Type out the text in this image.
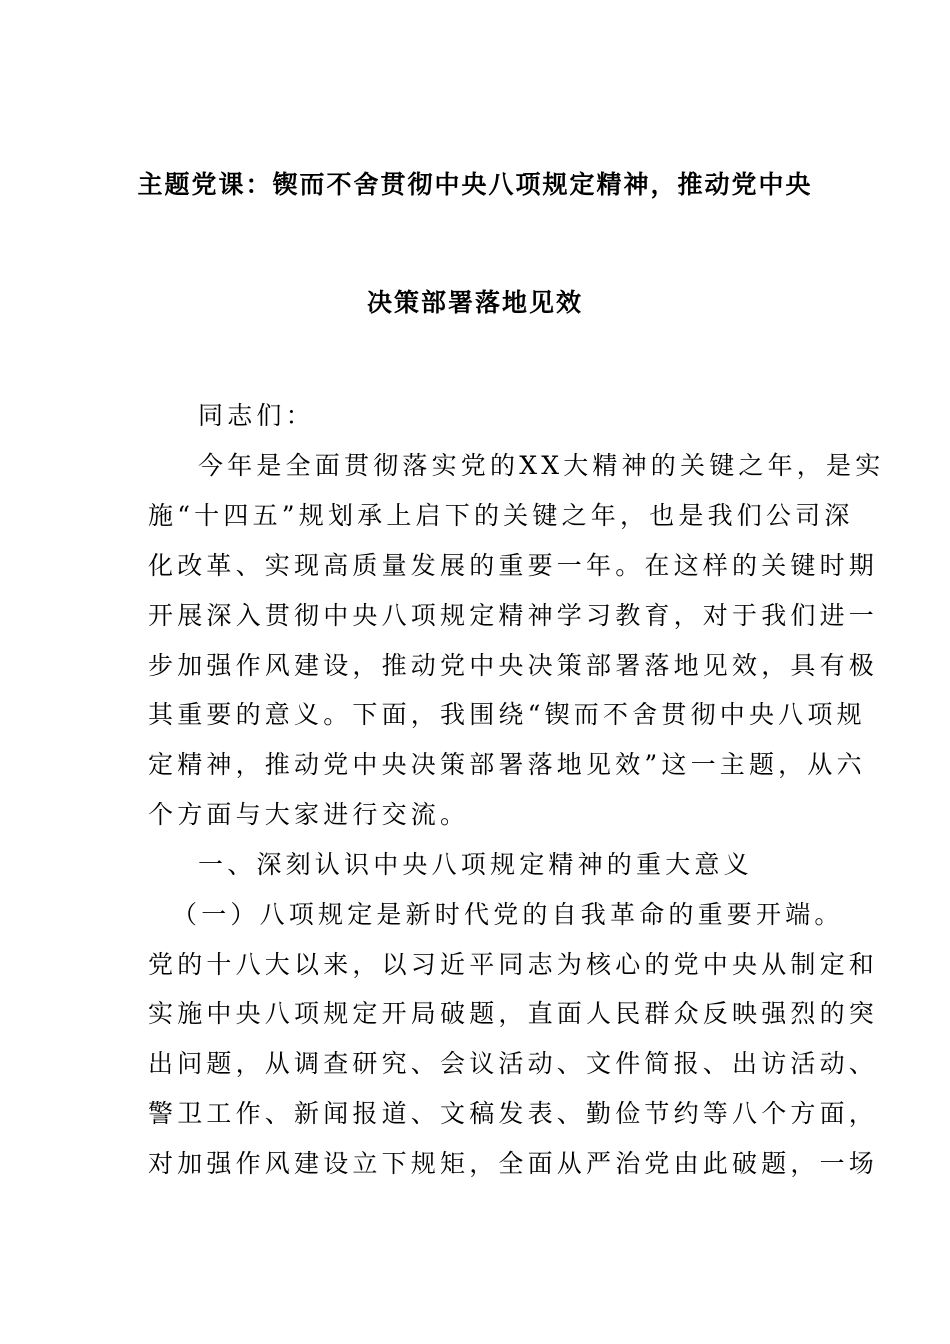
主题党课：锲而不舍贯彻中央八项规定精神，推动党中央
决策部署落地见效
同志们：
今年是全面贯彻落实党的XX大精神的关键之年，是实
施“十四五”规划承上启下的关键之年，也是我们公司深
化改革、实现高质量发展的重要一年。在这样的关键时期
开展深入贯彻中央八项规定精神学习教育，对于我们进一
步加强作风建设，推动党中央决策部署落地见效，具有极
其重要的意义。下面，我围绕“锲而不舍贯彻中央八项规
定精神，推动党中央决策部署落地见效”这一主题，从六
个方面与大家进行交流。
一、深刻认识中央八项规定精神的重大意义
（一）八项规定是新时代党的自我革命的重要开端。
党的十八大以来，以习近平同志为核心的党中央从制定和
实施中央八项规定开局破题，直面人民群众反映强烈的突
出问题，从调查研究、会议活动、文件简报、出访活动、
警卫工作、新闻报道、文稿发表、勤俭节约等八个方面，
对加强作风建设立下规矩，全面从严治党由此破题，一场
